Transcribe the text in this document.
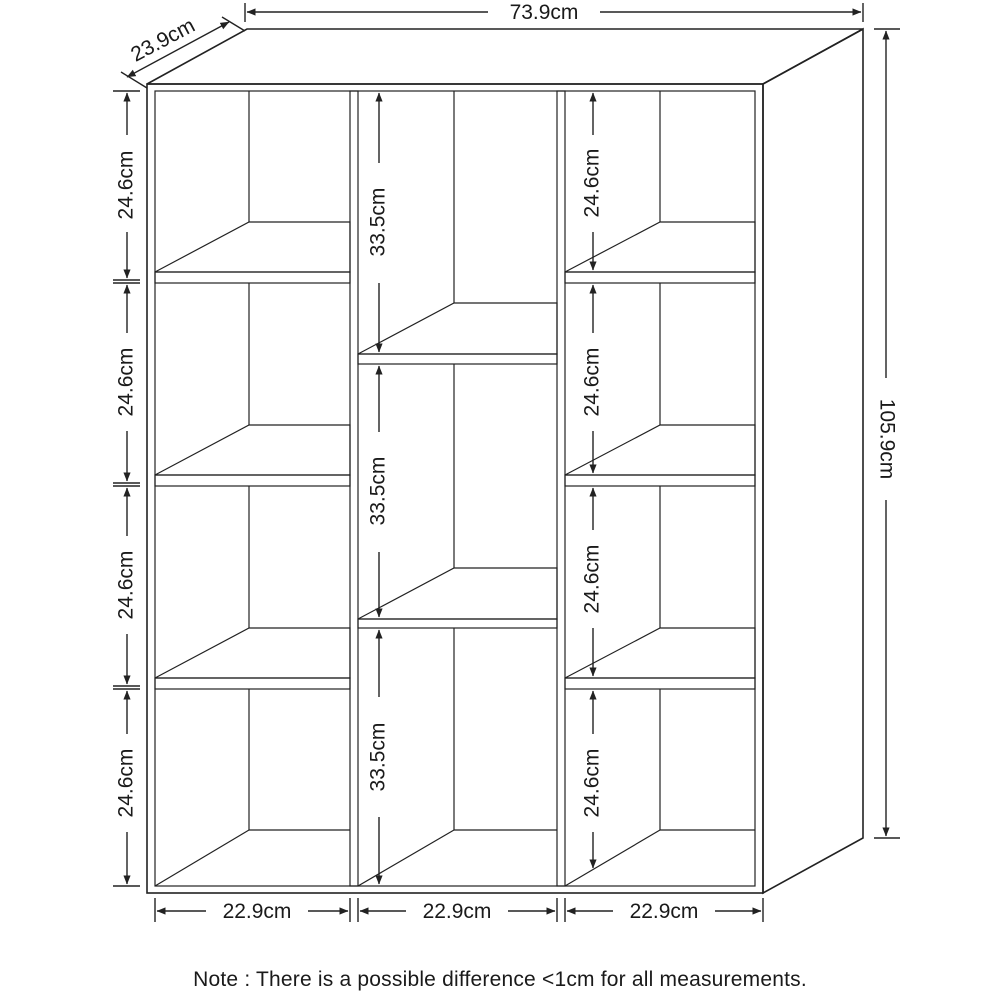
73.9cm
23.9cm
105.9cm
24.6cm
24.6cm
24.6cm
24.6cm
33.5cm
33.5cm
33.5cm
24.6cm
24.6cm
24.6cm
24.6cm
22.9cm	22.9cm	22.9cm
Note : There is a possible difference <1cm for all measurements.
